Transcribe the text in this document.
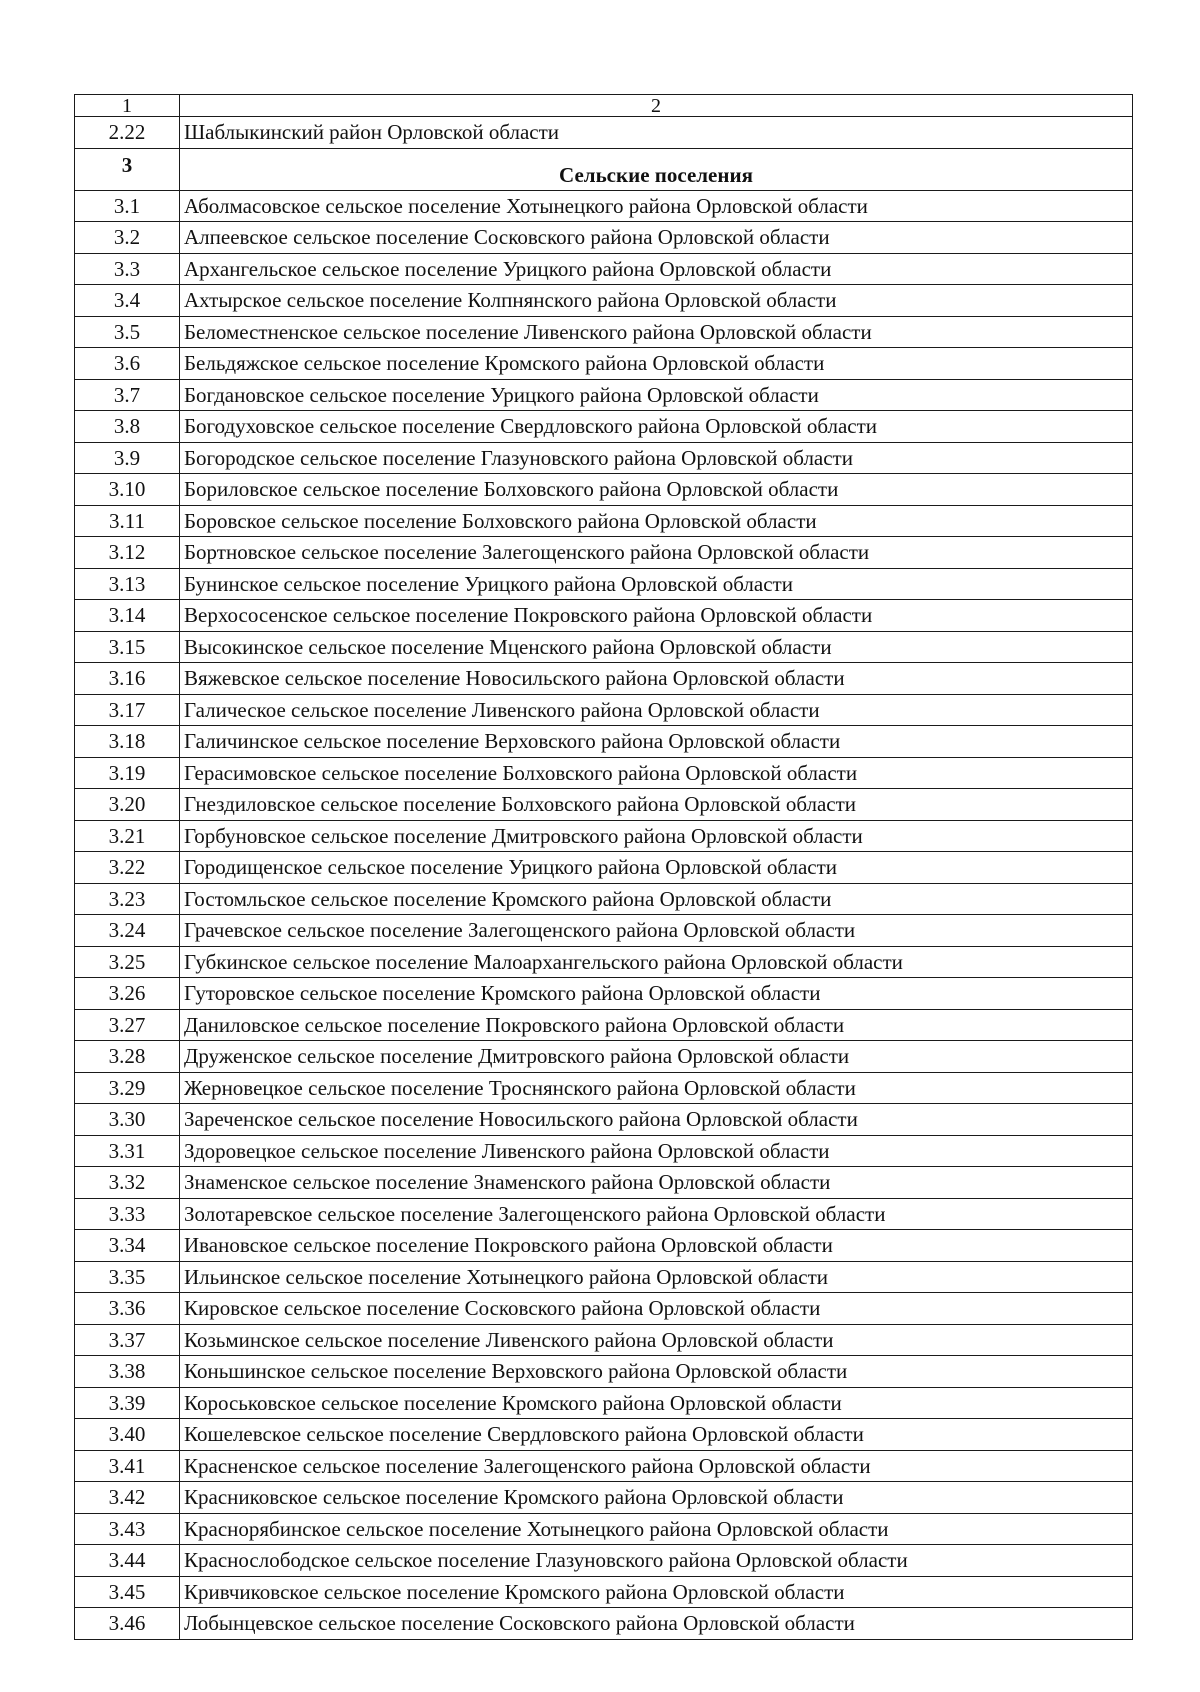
1	2
2.22	Шаблыкинский район Орловской области
3	Сельские поселения
3.1	Аболмасовское сельское поселение Хотынецкого района Орловской области
3.2	Алпеевское сельское поселение Сосковского района Орловской области
3.3	Архангельское сельское поселение Урицкого района Орловской области
3.4	Ахтырское сельское поселение Колпнянского района Орловской области
3.5	Беломестненское сельское поселение Ливенского района Орловской области
3.6	Бельдяжское сельское поселение Кромского района Орловской области
3.7	Богдановское сельское поселение Урицкого района Орловской области
3.8	Богодуховское сельское поселение Свердловского района Орловской области
3.9	Богородское сельское поселение Глазуновского района Орловской области
3.10	Бориловское сельское поселение Болховского района Орловской области
3.11	Боровское сельское поселение Болховского района Орловской области
3.12	Бортновское сельское поселение Залегощенского района Орловской области
3.13	Бунинское сельское поселение Урицкого района Орловской области
3.14	Верхососенское сельское поселение Покровского района Орловской области
3.15	Высокинское сельское поселение Мценского района Орловской области
3.16	Вяжевское сельское поселение Новосильского района Орловской области
3.17	Галическое сельское поселение Ливенского района Орловской области
3.18	Галичинское сельское поселение Верховского района Орловской области
3.19	Герасимовское сельское поселение Болховского района Орловской области
3.20	Гнездиловское сельское поселение Болховского района Орловской области
3.21	Горбуновское сельское поселение Дмитровского района Орловской области
3.22	Городищенское сельское поселение Урицкого района Орловской области
3.23	Гостомльское сельское поселение Кромского района Орловской области
3.24	Грачевское сельское поселение Залегощенского района Орловской области
3.25	Губкинское сельское поселение Малоархангельского района Орловской области
3.26	Гуторовское сельское поселение Кромского района Орловской области
3.27	Даниловское сельское поселение Покровского района Орловской области
3.28	Друженское сельское поселение Дмитровского района Орловской области
3.29	Жерновецкое сельское поселение Троснянского района Орловской области
3.30	Зареченское сельское поселение Новосильского района Орловской области
3.31	Здоровецкое сельское поселение Ливенского района Орловской области
3.32	Знаменское сельское поселение Знаменского района Орловской области
3.33	Золотаревское сельское поселение Залегощенского района Орловской области
3.34	Ивановское сельское поселение Покровского района Орловской области
3.35	Ильинское сельское поселение Хотынецкого района Орловской области
3.36	Кировское сельское поселение Сосковского района Орловской области
3.37	Козьминское сельское поселение Ливенского района Орловской области
3.38	Коньшинское сельское поселение Верховского района Орловской области
3.39	Короськовское сельское поселение Кромского района Орловской области
3.40	Кошелевское сельское поселение Свердловского района Орловской области
3.41	Красненское сельское поселение Залегощенского района Орловской области
3.42	Красниковское сельское поселение Кромского района Орловской области
3.43	Краснорябинское сельское поселение Хотынецкого района Орловской области
3.44	Краснослободское сельское поселение Глазуновского района Орловской области
3.45	Кривчиковское сельское поселение Кромского района Орловской области
3.46	Лобынцевское сельское поселение Сосковского района Орловской области
